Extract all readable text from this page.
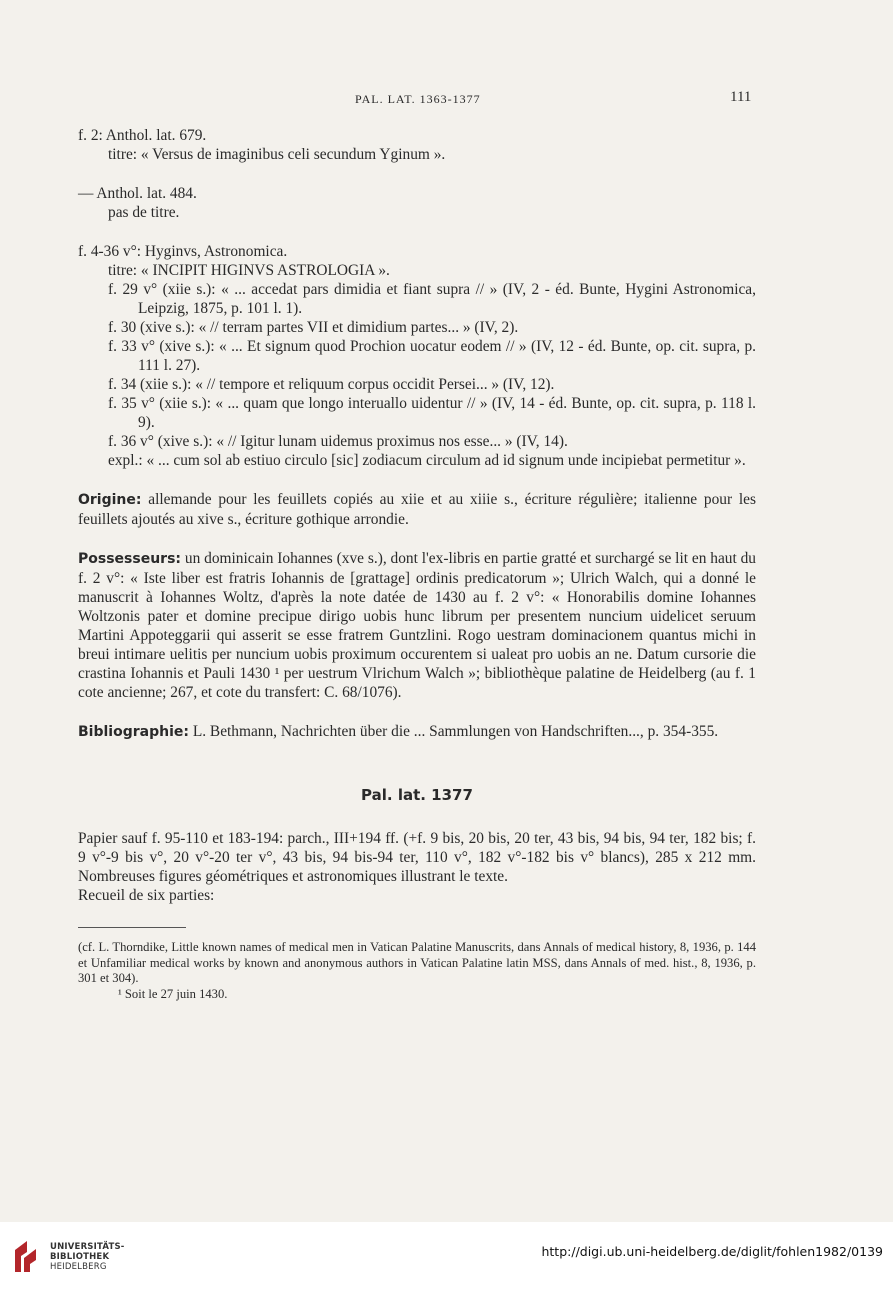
PAL. LAT. 1363-1377	111

f. 2: Anthol. lat. 679.

titre: « Versus de imaginibus celi secundum Yginum ».

— Anthol. lat. 484.

pas de titre.

f. 4-36 v°: Hyginvs, Astronomica.

titre: « INCIPIT HIGINVS ASTROLOGIA ».

f. 29 v° (xiie s.): « ... accedat pars dimidia et fiant supra // » (IV, 2 - éd. Bunte, Hygini Astronomica, Leipzig, 1875, p. 101 l. 1).

f. 30 (xive s.): « // terram partes VII et dimidium partes... » (IV, 2).

f. 33 v° (xive s.): « ... Et signum quod Prochion uocatur eodem // » (IV, 12 - éd. Bunte, op. cit. supra, p. 111 l. 27).

f. 34 (xiie s.): « // tempore et reliquum corpus occidit Persei... » (IV, 12).

f. 35 v° (xiie s.): « ... quam que longo interuallo uidentur // » (IV, 14 - éd. Bunte, op. cit. supra, p. 118 l. 9).

f. 36 v° (xive s.): « // Igitur lunam uidemus proximus nos esse... » (IV, 14).

expl.: « ... cum sol ab estiuo circulo [sic] zodiacum circulum ad id signum unde incipiebat permetitur ».

Origine: allemande pour les feuillets copiés au xiie et au xiiie s., écriture régulière; italienne pour les feuillets ajoutés au xive s., écriture gothique arrondie.

Possesseurs: un dominicain Iohannes (xve s.), dont l'ex-libris en partie gratté et surchargé se lit en haut du f. 2 v°: « Iste liber est fratris Iohannis de [grattage] ordinis predicatorum »; Ulrich Walch, qui a donné le manuscrit à Iohannes Woltz, d'après la note datée de 1430 au f. 2 v°: « Honorabilis domine Iohannes Woltzonis pater et domine precipue dirigo uobis hunc librum per presentem nuncium uidelicet seruum Martini Appoteggarii qui asserit se esse fratrem Guntzlini. Rogo uestram dominacionem quantus michi in breui intimare uelitis per nuncium uobis proximum occurentem si ualeat pro uobis an ne. Datum cursorie die crastina Iohannis et Pauli 1430 ¹ per uestrum Vlrichum Walch »; bibliothèque palatine de Heidelberg (au f. 1 cote ancienne; 267, et cote du transfert: C. 68/1076).

Bibliographie: L. Bethmann, Nachrichten über die ... Sammlungen von Handschriften..., p. 354-355.

Pal. lat. 1377

Papier sauf f. 95-110 et 183-194: parch., III+194 ff. (+f. 9 bis, 20 bis, 20 ter, 43 bis, 94 bis, 94 ter, 182 bis; f. 9 v°-9 bis v°, 20 v°-20 ter v°, 43 bis, 94 bis-94 ter, 110 v°, 182 v°-182 bis v° blancs), 285 x 212 mm. Nombreuses figures géométriques et astronomiques illustrant le texte.

Recueil de six parties:

(cf. L. Thorndike, Little known names of medical men in Vatican Palatine Manuscrits, dans Annals of medical history, 8, 1936, p. 144 et Unfamiliar medical works by known and anonymous authors in Vatican Palatine latin MSS, dans Annals of med. hist., 8, 1936, p. 301 et 304).

¹ Soit le 27 juin 1430.

UNIVERSITÄTS-
BIBLIOTHEK
HEIDELBERG
http://digi.ub.uni-heidelberg.de/diglit/fohlen1982/0139
